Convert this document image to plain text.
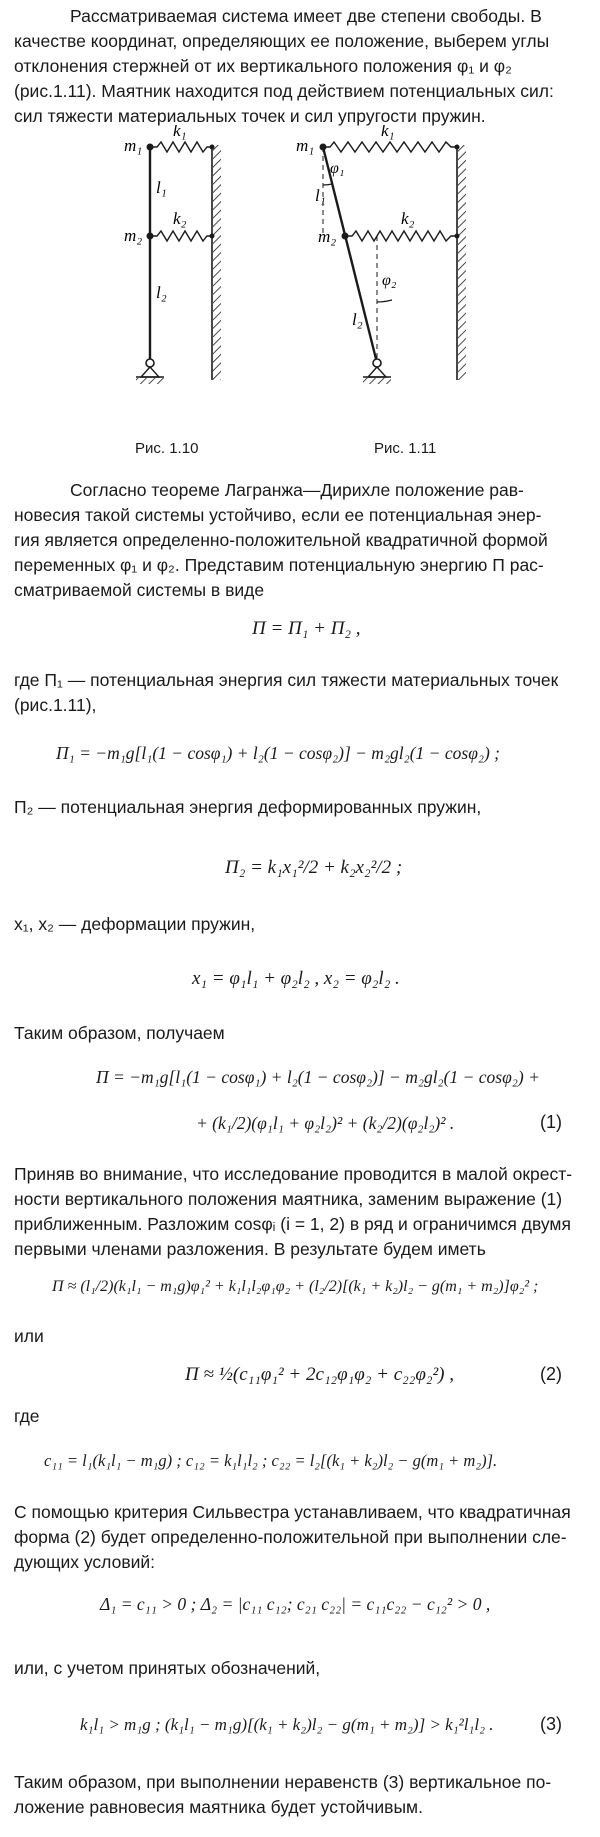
Рассматриваемая система имеет две степени свободы. В
качестве координат, определяющих ее положение, выберем углы
отклонения стержней от их вертикального положения φ₁ и φ₂
(рис.1.11). Маятник находится под действием потенциальных сил:
сил тяжести материальных точек и сил упругости пружин.
m₁
m₂
k₁
k₂
l₁
l₂
m₁
m₂
k₁
k₂
l₁
l₂
φ₁
φ₂
Рис. 1.10	Рис. 1.11
Согласно теореме Лагранжа—Дирихле положение рав-
новесия такой системы устойчиво, если ее потенциальная энер-
гия является определенно-положительной квадратичной формой
переменных φ₁ и φ₂. Представим потенциальную энергию Π рас-
сматриваемой системы в виде
Π = Π₁ + Π₂ ,
где Π₁ — потенциальная энергия сил тяжести материальных точек
(рис.1.11),
Π₁ = −m₁g[l₁(1 − cosφ₁) + l₂(1 − cosφ₂)] − m₂gl₂(1 − cosφ₂) ;
Π₂ — потенциальная энергия деформированных пружин,
Π₂ = k₁x₁²/2 + k₂x₂²/2 ;
x₁, x₂ — деформации пружин,
x₁ = φ₁l₁ + φ₂l₂ , x₂ = φ₂l₂ .
Таким образом, получаем
Π = −m₁g[l₁(1 − cosφ₁) + l₂(1 − cosφ₂)] − m₂gl₂(1 − cosφ₂) +
+ (k₁/2)(φ₁l₁ + φ₂l₂)² + (k₂/2)(φ₂l₂)² .	(1)
Приняв во внимание, что исследование проводится в малой окрест-
ности вертикального положения маятника, заменим выражение (1)
приближенным. Разложим cosφᵢ (i = 1, 2) в ряд и ограничимся двумя
первыми членами разложения. В результате будем иметь
Π ≈ (l₁/2)(k₁l₁ − m₁g)φ₁² + k₁l₁l₂φ₁φ₂ + (l₂/2)[(k₁ + k₂)l₂ − g(m₁ + m₂)]φ₂² ;
или
Π ≈ ½(c₁₁φ₁² + 2c₁₂φ₁φ₂ + c₂₂φ₂²) ,	(2)
где
c₁₁ = l₁(k₁l₁ − m₁g) ; c₁₂ = k₁l₁l₂ ; c₂₂ = l₂[(k₁ + k₂)l₂ − g(m₁ + m₂)].
С помощью критерия Сильвестра устанавливаем, что квадратичная
форма (2) будет определенно-положительной при выполнении сле-
дующих условий:
Δ₁ = c₁₁ > 0 ; Δ₂ = |c₁₁ c₁₂; c₂₁ c₂₂| = c₁₁c₂₂ − c₁₂² > 0 ,
или, с учетом принятых обозначений,
k₁l₁ > m₁g ; (k₁l₁ − m₁g)[(k₁ + k₂)l₂ − g(m₁ + m₂)] > k₁²l₁l₂ .	(3)
Таким образом, при выполнении неравенств (3) вертикальное по-
ложение равновесия маятника будет устойчивым.
